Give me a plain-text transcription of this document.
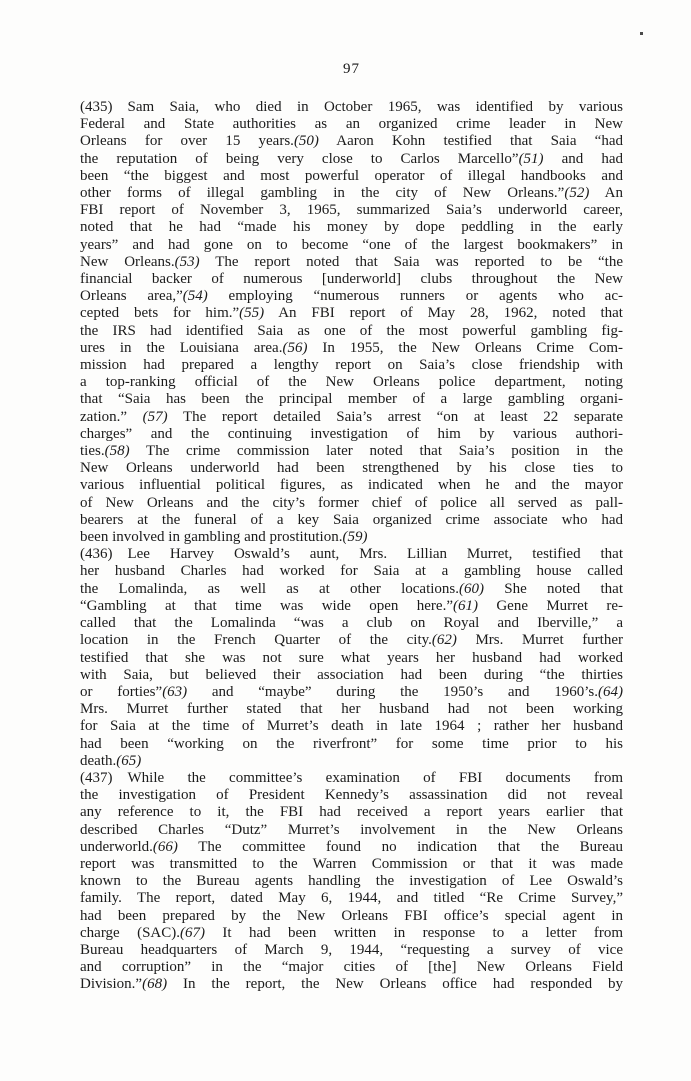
97
(435) Sam Saia, who died in October 1965, was identified by various
Federal and State authorities as an organized crime leader in New
Orleans for over 15 years.(50) Aaron Kohn testified that Saia “had
the reputation of being very close to Carlos Marcello”(51) and had
been “the biggest and most powerful operator of illegal handbooks and
other forms of illegal gambling in the city of New Orleans.”(52) An
FBI report of November 3, 1965, summarized Saia’s underworld career,
noted that he had “made his money by dope peddling in the early
years” and had gone on to become “one of the largest bookmakers” in
New Orleans.(53) The report noted that Saia was reported to be “the
financial backer of numerous [underworld] clubs throughout the New
Orleans area,”(54) employing “numerous runners or agents who ac-
cepted bets for him.”(55) An FBI report of May 28, 1962, noted that
the IRS had identified Saia as one of the most powerful gambling fig-
ures in the Louisiana area.(56) In 1955, the New Orleans Crime Com-
mission had prepared a lengthy report on Saia’s close friendship with
a top-ranking official of the New Orleans police department, noting
that “Saia has been the principal member of a large gambling organi-
zation.” (57) The report detailed Saia’s arrest “on at least 22 separate
charges” and the continuing investigation of him by various authori-
ties.(58) The crime commission later noted that Saia’s position in the
New Orleans underworld had been strengthened by his close ties to
various influential political figures, as indicated when he and the mayor
of New Orleans and the city’s former chief of police all served as pall-
bearers at the funeral of a key Saia organized crime associate who had
been involved in gambling and prostitution.(59)
(436) Lee Harvey Oswald’s aunt, Mrs. Lillian Murret, testified that
her husband Charles had worked for Saia at a gambling house called
the Lomalinda, as well as at other locations.(60) She noted that
“Gambling at that time was wide open here.”(61) Gene Murret re-
called that the Lomalinda “was a club on Royal and Iberville,” a
location in the French Quarter of the city.(62) Mrs. Murret further
testified that she was not sure what years her husband had worked
with Saia, but believed their association had been during “the thirties
or forties”(63) and “maybe” during the 1950’s and 1960’s.(64)
Mrs. Murret further stated that her husband had not been working
for Saia at the time of Murret’s death in late 1964 ; rather her husband
had been “working on the riverfront” for some time prior to his
death.(65)
(437) While the committee’s examination of FBI documents from
the investigation of President Kennedy’s assassination did not reveal
any reference to it, the FBI had received a report years earlier that
described Charles “Dutz” Murret’s involvement in the New Orleans
underworld.(66) The committee found no indication that the Bureau
report was transmitted to the Warren Commission or that it was made
known to the Bureau agents handling the investigation of Lee Oswald’s
family. The report, dated May 6, 1944, and titled “Re Crime Survey,”
had been prepared by the New Orleans FBI office’s special agent in
charge (SAC).(67) It had been written in response to a letter from
Bureau headquarters of March 9, 1944, “requesting a survey of vice
and corruption” in the “major cities of [the] New Orleans Field
Division.”(68) In the report, the New Orleans office had responded by
